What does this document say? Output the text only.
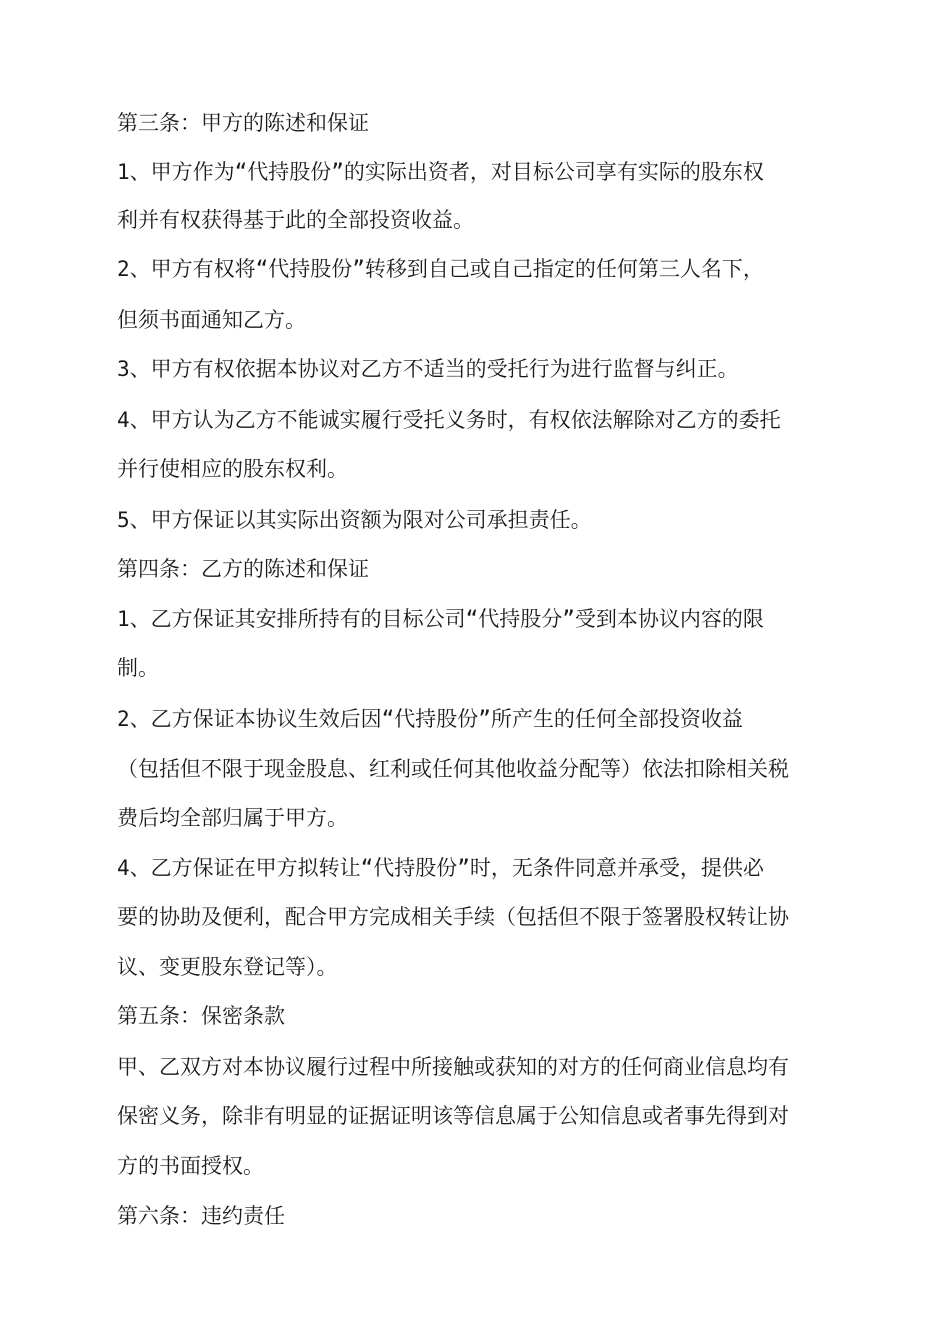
第三条：甲方的陈述和保证
1、甲方作为“代持股份”的实际出资者，对目标公司享有实际的股东权
利并有权获得基于此的全部投资收益。
2、甲方有权将“代持股份”转移到自己或自己指定的任何第三人名下，
但须书面通知乙方。
3、甲方有权依据本协议对乙方不适当的受托行为进行监督与纠正。
4、甲方认为乙方不能诚实履行受托义务时，有权依法解除对乙方的委托
并行使相应的股东权利。
5、甲方保证以其实际出资额为限对公司承担责任。
第四条：乙方的陈述和保证
1、乙方保证其安排所持有的目标公司“代持股分”受到本协议内容的限
制。
2、乙方保证本协议生效后因“代持股份”所产生的任何全部投资收益
（包括但不限于现金股息、红利或任何其他收益分配等）依法扣除相关税
费后均全部归属于甲方。
4、乙方保证在甲方拟转让“代持股份”时，无条件同意并承受，提供必
要的协助及便利，配合甲方完成相关手续（包括但不限于签署股权转让协
议、变更股东登记等）。
第五条：保密条款
甲、乙双方对本协议履行过程中所接触或获知的对方的任何商业信息均有
保密义务，除非有明显的证据证明该等信息属于公知信息或者事先得到对
方的书面授权。
第六条：违约责任
